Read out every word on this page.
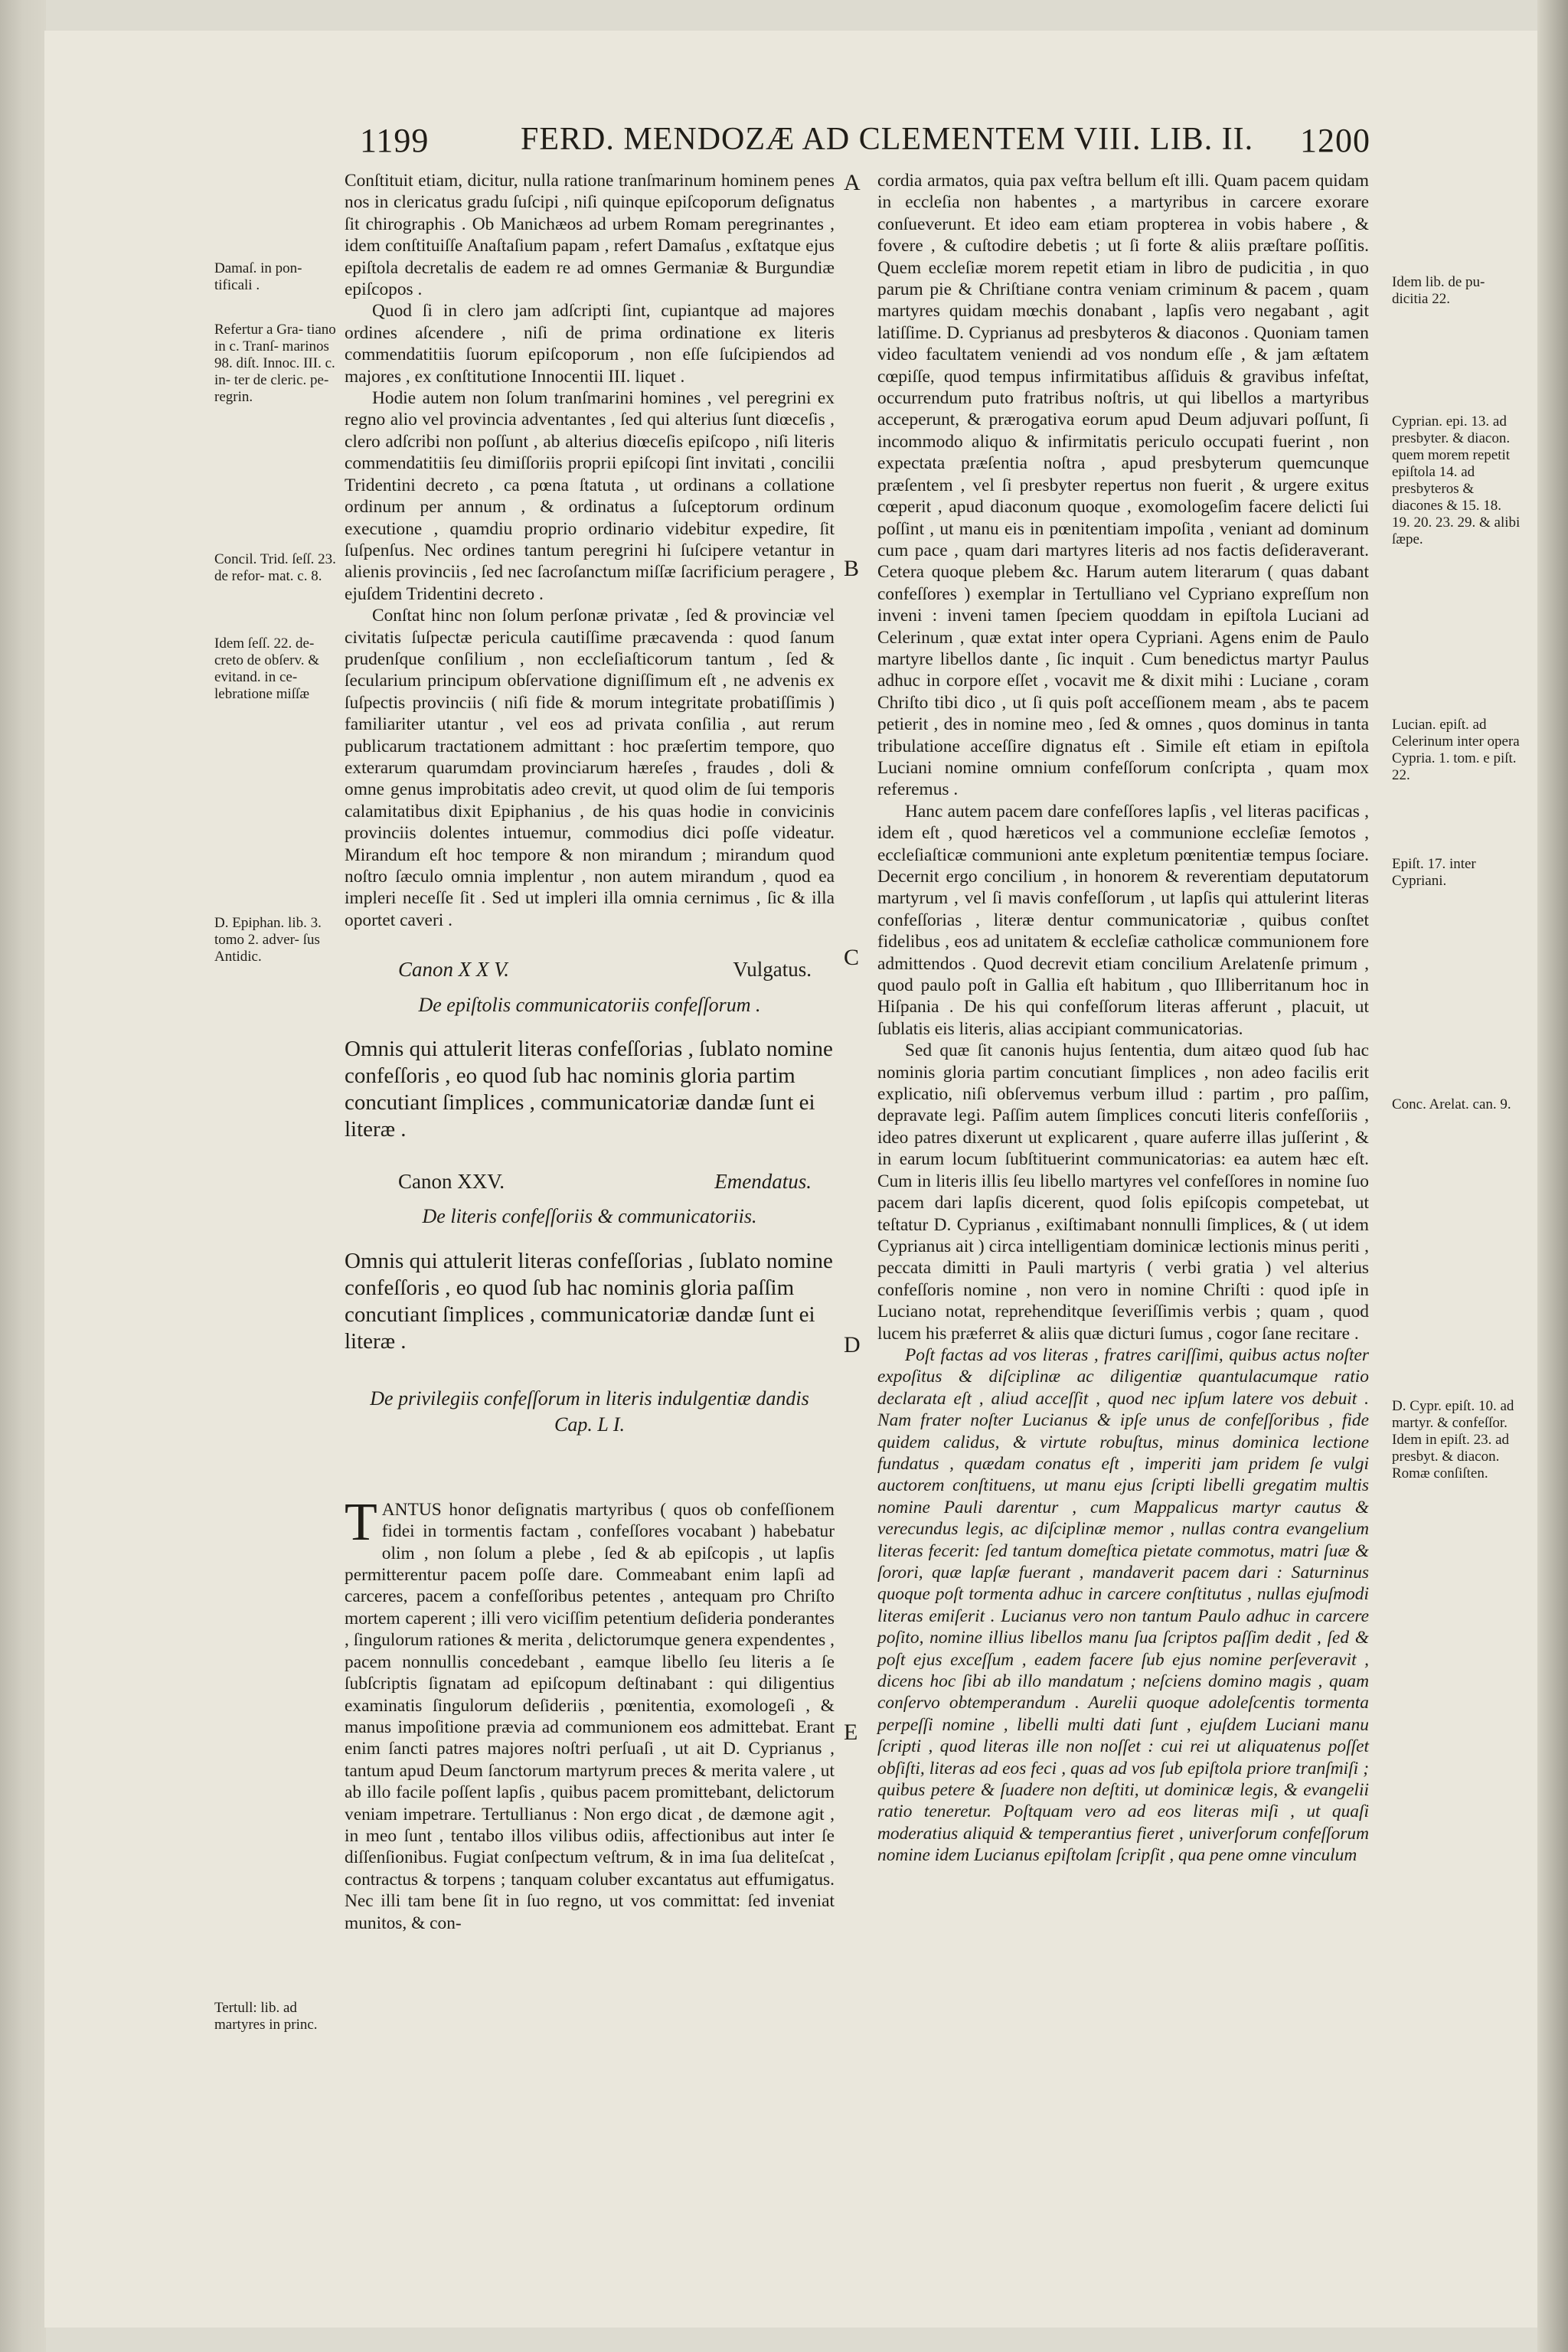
1199	FERD. MENDOZÆ AD CLEMENTEM VIII. LIB. II. 1200
Damaſ. in pon- tificali .
Refertur a Gra- tiano in c. Tranſ- marinos 98. diſt. Innoc. III. c. in- ter de cleric. pe- regrin.
Concil. Trid. ſeſſ. 23. de refor- mat. c. 8.
Idem ſeſſ. 22. de- creto de obſerv. & evitand. in ce- lebratione miſſæ
D. Epiphan. lib. 3. tomo 2. adver- ſus Antidic.
Tertull: lib. ad martyres in princ.
Idem lib. de pu- dicitia 22.
Cyprian. epi. 13. ad presbyter. & diacon. quem morem repetit epiſtola 14. ad presbyteros & diacones & 15. 18. 19. 20. 23. 29. & alibi ſæpe.
Lucian. epiſt. ad Celerinum inter opera Cypria. 1. tom. e piſt. 22.
Epiſt. 17. inter Cypriani.
Conc. Arelat. can. 9.
D. Cypr. epiſt. 10. ad martyr. & confeſſor. Idem in epiſt. 23. ad presbyt. & diacon. Romæ conſiſten.
A
B
C
D
E

Conſtituit etiam, dicitur, nulla ratione tranſmarinum hominem penes nos in clericatus gradu ſuſcipi , niſi quinque epiſcoporum deſignatus ſit chirographis . Ob Manichæos ad urbem Romam peregrinantes , idem conſtituiſſe Anaſtaſium papam , refert Damaſus , exſtatque ejus epiſtola decretalis de eadem re ad omnes Germaniæ & Burgundiæ epiſcopos .

Quod ſi in clero jam adſcripti ſint, cupiantque ad majores ordines aſcendere , niſi de prima ordinatione ex literis commendatitiis ſuorum epiſcoporum , non eſſe ſuſcipiendos ad majores , ex conſtitutione Innocentii III. liquet .

Hodie autem non ſolum tranſmarini homines , vel peregrini ex regno alio vel provincia adventantes , ſed qui alterius ſunt diœceſis , clero adſcribi non poſſunt , ab alterius diœceſis epiſcopo , niſi literis commendatitiis ſeu dimiſſoriis proprii epiſcopi ſint invitati , concilii Tridentini decreto , ca pœna ſtatuta , ut ordinans a collatione ordinum per annum , & ordinatus a ſuſceptorum ordinum executione , quamdiu proprio ordinario videbitur expedire, ſit ſuſpenſus. Nec ordines tantum peregrini hi ſuſcipere vetantur in alienis provinciis , ſed nec ſacroſanctum miſſæ ſacrificium peragere , ejuſdem Tridentini decreto .

Conſtat hinc non ſolum perſonæ privatæ , ſed & provinciæ vel civitatis ſuſpectæ pericula cautiſſime præcavenda : quod ſanum prudenſque conſilium , non eccleſiaſticorum tantum , ſed & ſecularium principum obſervatione digniſſimum eſt , ne advenis ex ſuſpectis provinciis ( niſi fide & morum integritate probatiſſimis ) familiariter utantur , vel eos ad privata conſilia , aut rerum publicarum tractationem admittant : hoc præſertim tempore, quo exterarum quarumdam provinciarum hæreſes , fraudes , doli & omne genus improbitatis adeo crevit, ut quod olim de ſui temporis calamitatibus dixit Epiphanius , de his quas hodie in convicinis provinciis dolentes intuemur, commodius dici poſſe videatur. Mirandum eſt hoc tempore & non mirandum ; mirandum quod noſtro ſæculo omnia implentur , non autem mirandum , quod ea impleri neceſſe ſit . Sed ut impleri illa omnia cernimus , ſic & illa oportet caveri .

Canon X X V.	Vulgatus.
De epiſtolis communicatoriis confeſſorum .

Omnis qui attulerit literas confeſſorias , ſublato nomine confeſſoris , eo quod ſub hac nominis gloria partim concutiant ſimplices , communicatoriæ dandæ ſunt ei literæ .

Canon XXV.	Emendatus.
De literis confeſſoriis & communicatoriis.

Omnis qui attulerit literas confeſſorias , ſublato nomine confeſſoris , eo quod ſub hac nominis gloria paſſim concutiant ſimplices , communicatoriæ dandæ ſunt ei literæ .

De privilegiis confeſſorum in literis indulgentiæ dandis Cap. L I.

TANTUS honor deſignatis martyribus ( quos ob confeſſionem fidei in tormentis factam , confeſſores vocabant ) habebatur olim , non ſolum a plebe , ſed & ab epiſcopis , ut lapſis permitterentur pacem poſſe dare. Commeabant enim lapſi ad carceres, pacem a confeſſoribus petentes , antequam pro Chriſto mortem caperent ; illi vero viciſſim petentium deſideria ponderantes , ſingulorum rationes & merita , delictorumque genera expendentes , pacem nonnullis concedebant , eamque libello ſeu literis a ſe ſubſcriptis ſignatam ad epiſcopum deſtinabant : qui diligentius examinatis ſingulorum deſideriis , pœnitentia, exomologeſi , & manus impoſitione prævia ad communionem eos admittebat. Erant enim ſancti patres majores noſtri perſuaſi , ut ait D. Cyprianus , tantum apud Deum ſanctorum martyrum preces & merita valere , ut ab illo facile poſſent lapſis , quibus pacem promittebant, delictorum veniam impetrare. Tertullianus : Non ergo dicat , de dæmone agit , in meo ſunt , tentabo illos vilibus odiis, affectionibus aut inter ſe diſſenſionibus. Fugiat conſpectum veſtrum, & in ima ſua deliteſcat , contractus & torpens ; tanquam coluber excantatus aut effumigatus. Nec illi tam bene ſit in ſuo regno, ut vos committat: ſed inveniat munitos, & con-

cordia armatos, quia pax veſtra bellum eſt illi. Quam pacem quidam in eccleſia non habentes , a martyribus in carcere exorare conſueverunt. Et ideo eam etiam propterea in vobis habere , & fovere , & cuſtodire debetis ; ut ſi forte & aliis præſtare poſſitis. Quem eccleſiæ morem repetit etiam in libro de pudicitia , in quo parum pie & Chriſtiane contra veniam criminum & pacem , quam martyres quidam mœchis donabant , lapſis vero negabant , agit latiſſime. D. Cyprianus ad presbyteros & diaconos . Quoniam tamen video facultatem veniendi ad vos nondum eſſe , & jam æſtatem cœpiſſe, quod tempus infirmitatibus aſſiduis & gravibus infeſtat, occurrendum puto fratribus noſtris, ut qui libellos a martyribus acceperunt, & prærogativa eorum apud Deum adjuvari poſſunt, ſi incommodo aliquo & infirmitatis periculo occupati fuerint , non expectata præſentia noſtra , apud presbyterum quemcunque præſentem , vel ſi presbyter repertus non fuerit , & urgere exitus cœperit , apud diaconum quoque , exomologeſim facere delicti ſui poſſint , ut manu eis in pœnitentiam impoſita , veniant ad dominum cum pace , quam dari martyres literis ad nos factis deſideraverant. Cetera quoque plebem &c. Harum autem literarum ( quas dabant confeſſores ) exemplar in Tertulliano vel Cypriano expreſſum non inveni : inveni tamen ſpeciem quoddam in epiſtola Luciani ad Celerinum , quæ extat inter opera Cypriani. Agens enim de Paulo martyre libellos dante , ſic inquit . Cum benedictus martyr Paulus adhuc in corpore eſſet , vocavit me & dixit mihi : Luciane , coram Chriſto tibi dico , ut ſi quis poſt acceſſionem meam , abs te pacem petierit , des in nomine meo , ſed & omnes , quos dominus in tanta tribulatione acceſſire dignatus eſt . Simile eſt etiam in epiſtola Luciani nomine omnium confeſſorum conſcripta , quam mox referemus .

Hanc autem pacem dare confeſſores lapſis , vel literas pacificas , idem eſt , quod hæreticos vel a communione eccleſiæ ſemotos , eccleſiaſticæ communioni ante expletum pœnitentiæ tempus ſociare. Decernit ergo concilium , in honorem & reverentiam deputatorum martyrum , vel ſi mavis confeſſorum , ut lapſis qui attulerint literas confeſſorias , literæ dentur communicatoriæ , quibus conſtet fidelibus , eos ad unitatem & eccleſiæ catholicæ communionem fore admittendos . Quod decrevit etiam concilium Arelatenſe primum , quod paulo poſt in Gallia eſt habitum , quo Illiberritanum hoc in Hiſpania . De his qui confeſſorum literas afferunt , placuit, ut ſublatis eis literis, alias accipiant communicatorias.

Sed quæ ſit canonis hujus ſententia, dum aitæo quod ſub hac nominis gloria partim concutiant ſimplices , non adeo facilis erit explicatio, niſi obſervemus verbum illud : partim , pro paſſim, depravate legi. Paſſim autem ſimplices concuti literis confeſſoriis , ideo patres dixerunt ut explicarent , quare auferre illas juſſerint , & in earum locum ſubſtituerint communicatorias: ea autem hæc eſt. Cum in literis illis ſeu libello martyres vel confeſſores in nomine ſuo pacem dari lapſis dicerent, quod ſolis epiſcopis competebat, ut teſtatur D. Cyprianus , exiſtimabant nonnulli ſimplices, & ( ut idem Cyprianus ait ) circa intelligentiam dominicæ lectionis minus periti , peccata dimitti in Pauli martyris ( verbi gratia ) vel alterius confeſſoris nomine , non vero in nomine Chriſti : quod ipſe in Luciano notat, reprehenditque ſeveriſſimis verbis ; quam , quod lucem his præferret & aliis quæ dicturi ſumus , cogor ſane recitare .

Poſt factas ad vos literas , fratres cariſſimi, quibus actus noſter expoſitus & diſciplinæ ac diligentiæ quantulacumque ratio declarata eſt , aliud acceſſit , quod nec ipſum latere vos debuit . Nam frater noſter Lucianus & ipſe unus de confeſſoribus , fide quidem calidus, & virtute robuſtus, minus dominica lectione fundatus , quædam conatus eſt , imperiti jam pridem ſe vulgi auctorem conſtituens, ut manu ejus ſcripti libelli gregatim multis nomine Pauli darentur , cum Mappalicus martyr cautus & verecundus legis, ac diſciplinæ memor , nullas contra evangelium literas fecerit: ſed tantum domeſtica pietate commotus, matri ſuæ & ſorori, quæ lapſæ fuerant , mandaverit pacem dari : Saturninus quoque poſt tormenta adhuc in carcere conſtitutus , nullas ejuſmodi literas emiſerit . Lucianus vero non tantum Paulo adhuc in carcere poſito, nomine illius libellos manu ſua ſcriptos paſſim dedit , ſed & poſt ejus exceſſum , eadem facere ſub ejus nomine perſeveravit , dicens hoc ſibi ab illo mandatum ; neſciens domino magis , quam conſervo obtemperandum . Aurelii quoque adoleſcentis tormenta perpeſſi nomine , libelli multi dati ſunt , ejuſdem Luciani manu ſcripti , quod literas ille non noſſet : cui rei ut aliquatenus poſſet obſiſti, literas ad eos feci , quas ad vos ſub epiſtola priore tranſmiſi ; quibus petere & ſuadere non deſtiti, ut dominicæ legis, & evangelii ratio teneretur. Poſtquam vero ad eos literas miſi , ut quaſi moderatius aliquid & temperantius fieret , univerſorum confeſſorum nomine idem Lucianus epiſtolam ſcripſit , qua pene omne vinculum
